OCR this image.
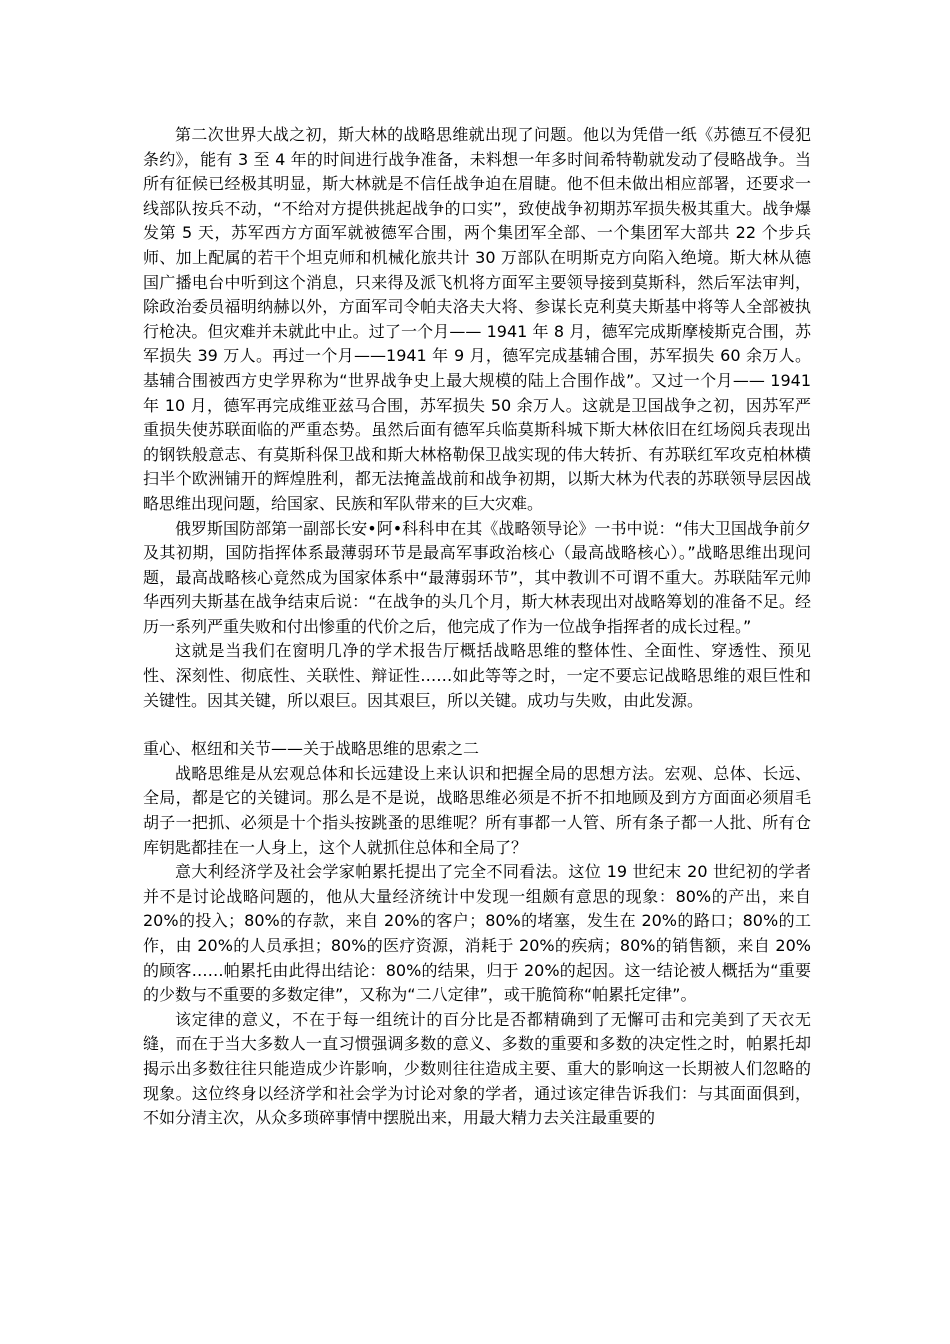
第二次世界大战之初，斯大林的战略思维就出现了问题。他以为凭借一纸《苏德互不侵犯条约》，能有 3 至 4 年的时间进行战争准备，未料想一年多时间希特勒就发动了侵略战争。当所有征候已经极其明显，斯大林就是不信任战争迫在眉睫。他不但未做出相应部署，还要求一线部队按兵不动，“不给对方提供挑起战争的口实”，致使战争初期苏军损失极其重大。战争爆发第 5 天，苏军西方方面军就被德军合围，两个集团军全部、一个集团军大部共 22 个步兵师、加上配属的若干个坦克师和机械化旅共计 30 万部队在明斯克方向陷入绝境。斯大林从德国广播电台中听到这个消息，只来得及派飞机将方面军主要领导接到莫斯科，然后军法审判，除政治委员福明纳赫以外，方面军司令帕夫洛夫大将、参谋长克利莫夫斯基中将等人全部被执行枪决。但灾难并未就此中止。过了一个月—— 1941 年 8 月，德军完成斯摩棱斯克合围，苏军损失 39 万人。再过一个月——1941 年 9 月，德军完成基辅合围，苏军损失 60 余万人。基辅合围被西方史学界称为“世界战争史上最大规模的陆上合围作战”。又过一个月—— 1941 年 10 月，德军再完成维亚兹马合围，苏军损失 50 余万人。这就是卫国战争之初，因苏军严重损失使苏联面临的严重态势。虽然后面有德军兵临莫斯科城下斯大林依旧在红场阅兵表现出的钢铁般意志、有莫斯科保卫战和斯大林格勒保卫战实现的伟大转折、有苏联红军攻克柏林横扫半个欧洲铺开的辉煌胜利，都无法掩盖战前和战争初期，以斯大林为代表的苏联领导层因战略思维出现问题，给国家、民族和军队带来的巨大灾难。

俄罗斯国防部第一副部长安•阿•科科申在其《战略领导论》一书中说：“伟大卫国战争前夕及其初期，国防指挥体系最薄弱环节是最高军事政治核心（最高战略核心）。”战略思维出现问题，最高战略核心竟然成为国家体系中“最薄弱环节”，其中教训不可谓不重大。苏联陆军元帅华西列夫斯基在战争结束后说：“在战争的头几个月，斯大林表现出对战略筹划的准备不足。经历一系列严重失败和付出惨重的代价之后，他完成了作为一位战争指挥者的成长过程。”

这就是当我们在窗明几净的学术报告厅概括战略思维的整体性、全面性、穿透性、预见性、深刻性、彻底性、关联性、辩证性……如此等等之时，一定不要忘记战略思维的艰巨性和关键性。因其关键，所以艰巨。因其艰巨，所以关键。成功与失败，由此发源。

重心、枢纽和关节——关于战略思维的思索之二

战略思维是从宏观总体和长远建设上来认识和把握全局的思想方法。宏观、总体、长远、全局，都是它的关键词。那么是不是说，战略思维必须是不折不扣地顾及到方方面面必须眉毛胡子一把抓、必须是十个指头按跳蚤的思维呢？所有事都一人管、所有条子都一人批、所有仓库钥匙都挂在一人身上，这个人就抓住总体和全局了？

意大利经济学及社会学家帕累托提出了完全不同看法。这位 19 世纪末 20 世纪初的学者并不是讨论战略问题的，他从大量经济统计中发现一组颇有意思的现象：80%的产出，来自 20%的投入；80%的存款，来自 20%的客户；80%的堵塞，发生在 20%的路口；80%的工作，由 20%的人员承担；80%的医疗资源，消耗于 20%的疾病；80%的销售额，来自 20%的顾客……帕累托由此得出结论：80%的结果，归于 20%的起因。这一结论被人概括为“重要的少数与不重要的多数定律”，又称为“二八定律”，或干脆简称“帕累托定律”。

该定律的意义，不在于每一组统计的百分比是否都精确到了无懈可击和完美到了天衣无缝，而在于当大多数人一直习惯强调多数的意义、多数的重要和多数的决定性之时，帕累托却揭示出多数往往只能造成少许影响，少数则往往造成主要、重大的影响这一长期被人们忽略的现象。这位终身以经济学和社会学为讨论对象的学者，通过该定律告诉我们：与其面面俱到，不如分清主次，从众多琐碎事情中摆脱出来，用最大精力去关注最重要的
